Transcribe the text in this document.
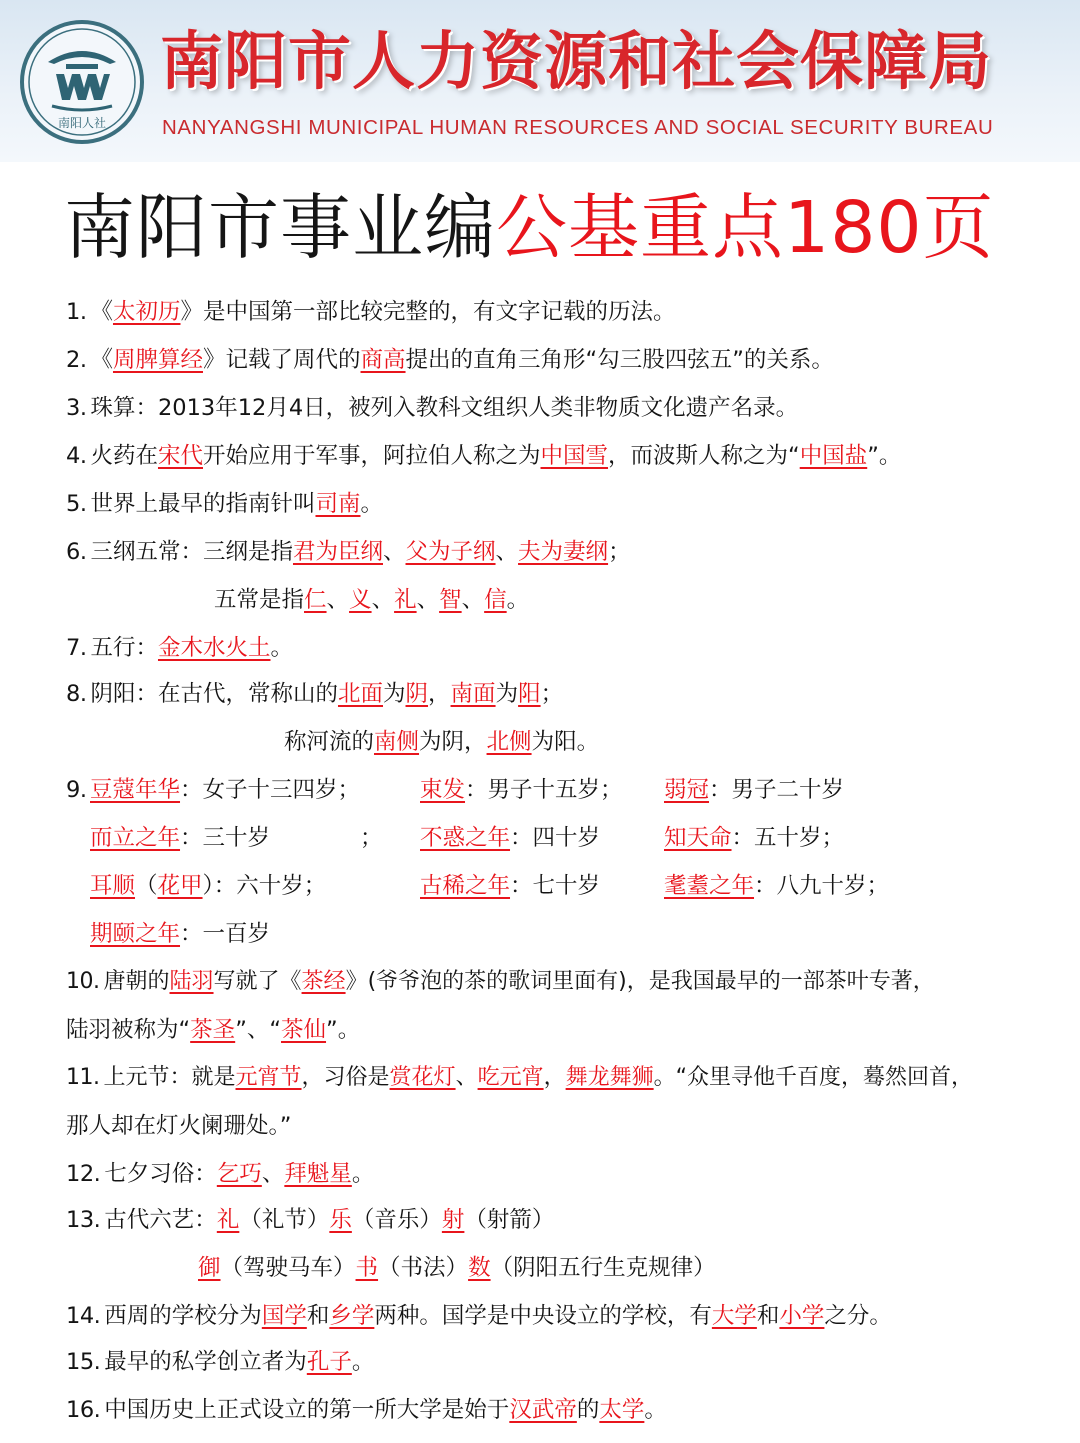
南阳人社
南阳市人力资源和社会保障局
NANYANGSHI MUNICIPAL HUMAN RESOURCES AND SOCIAL SECURITY BUREAU
南阳市事业编公基重点180页
1. 《太初历》是中国第一部比较完整的，有文字记载的历法。
2. 《周脾算经》记载了周代的商高提出的直角三角形“勾三股四弦五”的关系。
3. 珠算：2013年12月4日，被列入教科文组织人类非物质文化遗产名录。
4. 火药在宋代开始应用于军事，阿拉伯人称之为中国雪，而波斯人称之为“中国盐”。
5. 世界上最早的指南针叫司南。
6. 三纲五常：三纲是指君为臣纲、父为子纲、夫为妻纲；
五常是指仁、义、礼、智、信。
7. 五行：金木水火土。
8. 阴阳：在古代，常称山的北面为阴，南面为阳；
称河流的南侧为阴，北侧为阳。
9. 豆蔻年华：女子十三四岁；	束发：男子十五岁； 弱冠：男子二十岁
而立之年：三十岁	； 不惑之年：四十岁	知天命：五十岁；
耳顺（花甲）：六十岁；	古稀之年：七十岁	耄耋之年：八九十岁；
期颐之年：一百岁
10. 唐朝的陆羽写就了《茶经》(爷爷泡的茶的歌词里面有)，是我国最早的一部茶叶专著，
陆羽被称为“茶圣”、“茶仙”。
11. 上元节：就是元宵节，习俗是赏花灯、吃元宵，舞龙舞狮。“众里寻他千百度，蓦然回首，
那人却在灯火阑珊处。”
12. 七夕习俗：乞巧、拜魁星。
13. 古代六艺：礼（礼节）乐（音乐）射（射箭）
御（驾驶马车）书（书法）数（阴阳五行生克规律）
14. 西周的学校分为国学和乡学两种。国学是中央设立的学校，有大学和小学之分。
15. 最早的私学创立者为孔子。
16. 中国历史上正式设立的第一所大学是始于汉武帝的太学。
